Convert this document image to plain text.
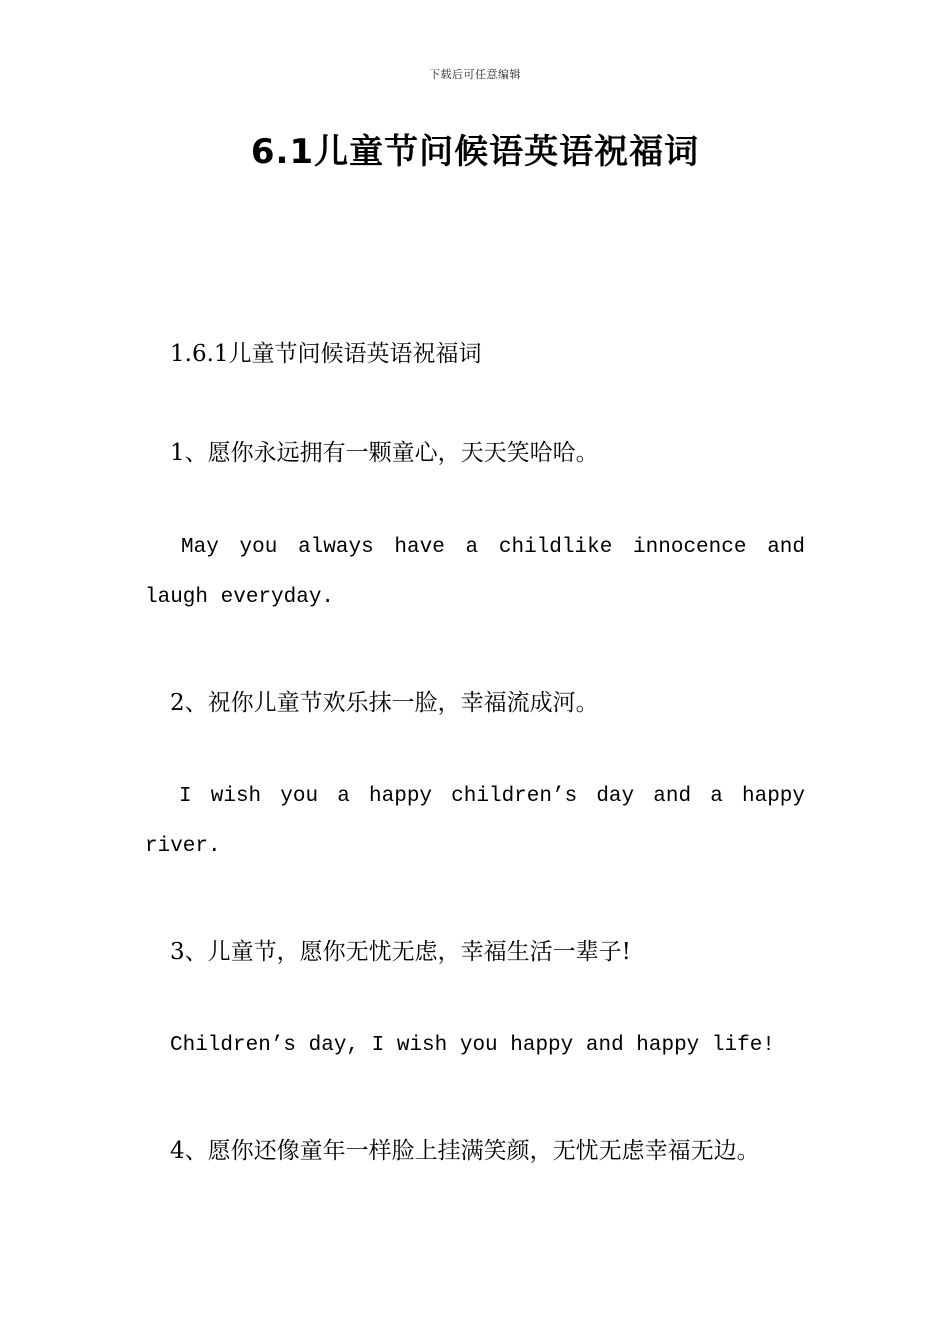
下载后可任意编辑
6.1儿童节问候语英语祝福词
1.6.1儿童节问候语英语祝福词
1、愿你永远拥有一颗童心，天天笑哈哈。
May you always have a childlike innocence and
laugh everyday.
2、祝你儿童节欢乐抹一脸，幸福流成河。
I wish you a happy children’s day and a happy
river.
3、儿童节，愿你无忧无虑，幸福生活一辈子!
Children’s day, I wish you happy and happy life!
4、愿你还像童年一样脸上挂满笑颜，无忧无虑幸福无边。
